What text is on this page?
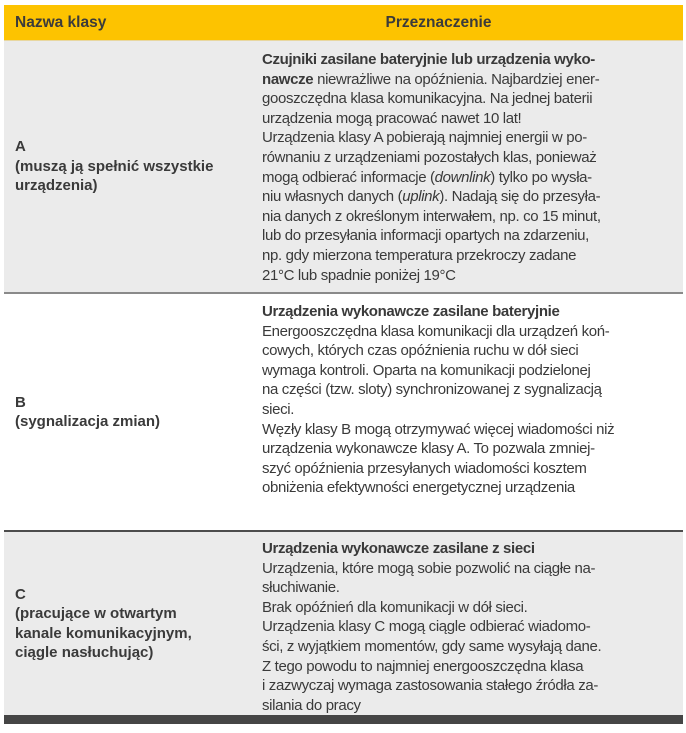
Nazwa klasy	Przeznaczenie
A
(muszą ją spełnić wszystkie
urządzenia)
Czujniki zasilane bateryjnie lub urządzenia wyko-
nawcze niewrażliwe na opóźnienia. Najbardziej ener-
gooszczędna klasa komunikacyjna. Na jednej baterii
urządzenia mogą pracować nawet 10 lat!
Urządzenia klasy A pobierają najmniej energii w po-
równaniu z urządzeniami pozostałych klas, ponieważ
mogą odbierać informacje (downlink) tylko po wysła-
niu własnych danych (uplink). Nadają się do przesyła-
nia danych z określonym interwałem, np. co 15 minut,
lub do przesyłania informacji opartych na zdarzeniu,
np. gdy mierzona temperatura przekroczy zadane
21°C lub spadnie poniżej 19°C
B
(sygnalizacja zmian)
Urządzenia wykonawcze zasilane bateryjnie
Energooszczędna klasa komunikacji dla urządzeń koń-
cowych, których czas opóźnienia ruchu w dół sieci
wymaga kontroli. Oparta na komunikacji podzielonej
na części (tzw. sloty) synchronizowanej z sygnalizacją
sieci.
Węzły klasy B mogą otrzymywać więcej wiadomości niż
urządzenia wykonawcze klasy A. To pozwala zmniej-
szyć opóźnienia przesyłanych wiadomości kosztem
obniżenia efektywności energetycznej urządzenia
C
(pracujące w otwartym
kanale komunikacyjnym,
ciągle nasłuchując)
Urządzenia wykonawcze zasilane z sieci
Urządzenia, które mogą sobie pozwolić na ciągłe na-
słuchiwanie.
Brak opóźnień dla komunikacji w dół sieci.
Urządzenia klasy C mogą ciągle odbierać wiadomo-
ści, z wyjątkiem momentów, gdy same wysyłają dane.
Z tego powodu to najmniej energooszczędna klasa
i zazwyczaj wymaga zastosowania stałego źródła za-
silania do pracy
